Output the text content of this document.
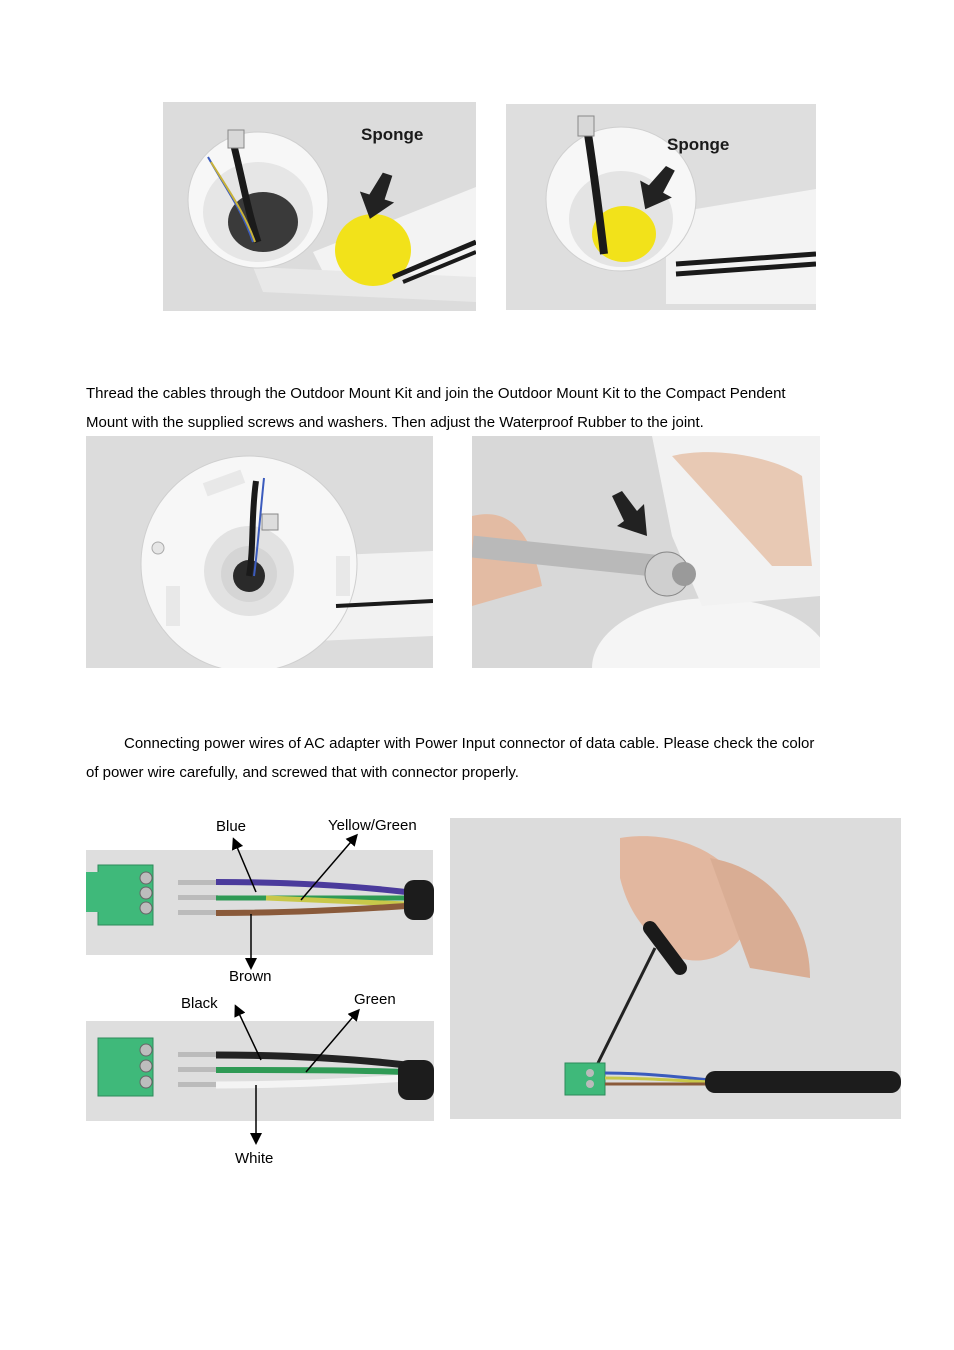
Sponge
Sponge

Thread the cables through the Outdoor Mount Kit and join the Outdoor Mount Kit to the Compact Pendent
Mount with the supplied screws and washers. Then adjust the Waterproof Rubber to the joint.

Connecting power wires of AC adapter with Power Input connector of data cable. Please check the color
of power wire carefully, and screwed that with connector properly.

Blue	Yellow/Green
Brown
Black	Green
White
